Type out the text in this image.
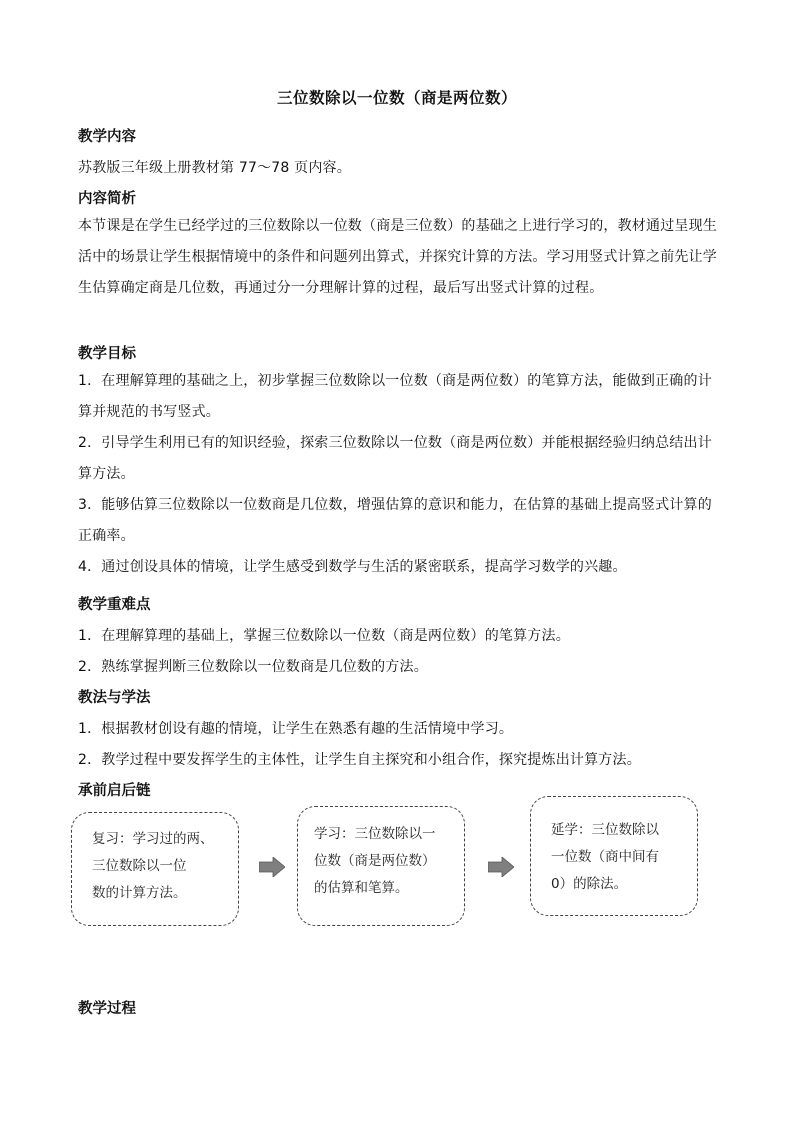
三位数除以一位数（商是两位数）
教学内容
苏教版三年级上册教材第 77～78 页内容。
内容简析

本节课是在学生已经学过的三位数除以一位数（商是三位数）的基础之上进行学习的，教材通过呈现生活中的场景让学生根据情境中的条件和问题列出算式，并探究计算的方法。学习用竖式计算之前先让学生估算确定商是几位数，再通过分一分理解计算的过程，最后写出竖式计算的过程。

教学目标

1．在理解算理的基础之上，初步掌握三位数除以一位数（商是两位数）的笔算方法，能做到正确的计算并规范的书写竖式。

2．引导学生利用已有的知识经验，探索三位数除以一位数（商是两位数）并能根据经验归纳总结出计算方法。

3．能够估算三位数除以一位数商是几位数，增强估算的意识和能力，在估算的基础上提高竖式计算的正确率。

4．通过创设具体的情境，让学生感受到数学与生活的紧密联系，提高学习数学的兴趣。

教学重难点
1．在理解算理的基础上，掌握三位数除以一位数（商是两位数）的笔算方法。
2．熟练掌握判断三位数除以一位数商是几位数的方法。
教法与学法
1．根据教材创设有趣的情境，让学生在熟悉有趣的生活情境中学习。
2．教学过程中要发挥学生的主体性，让学生自主探究和小组合作，探究提炼出计算方法。
承前启后链
复习：学习过的两、
三位数除以一位
数的计算方法。
学习：三位数除以一
位数（商是两位数）
的估算和笔算。
延学：三位数除以
一位数（商中间有
0）的除法。
教学过程
